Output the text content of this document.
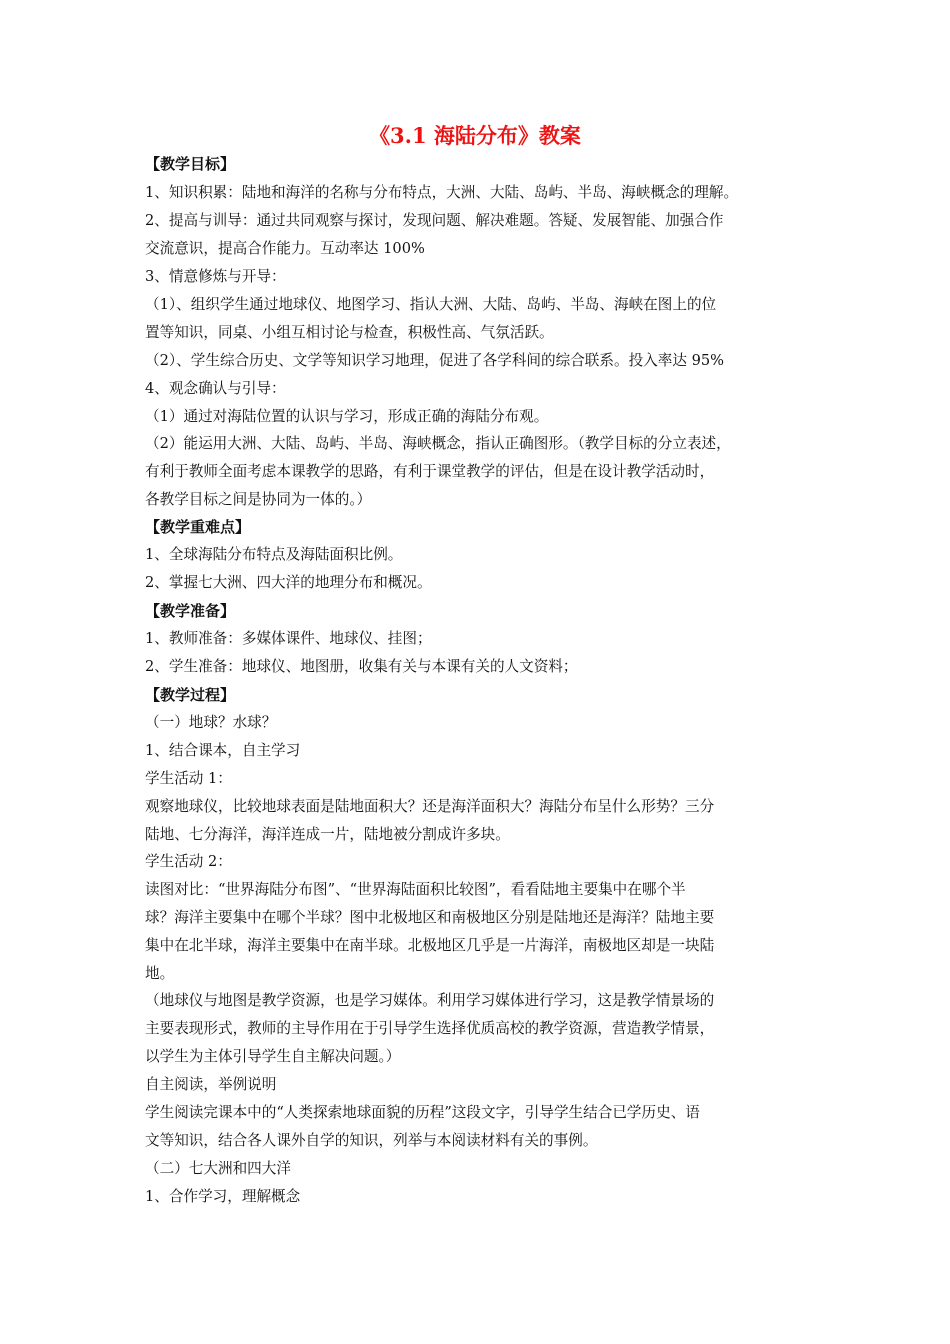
《3.1 海陆分布》教案
【教学目标】
1、知识积累：陆地和海洋的名称与分布特点，大洲、大陆、岛屿、半岛、海峡概念的理解。
2、提高与训导：通过共同观察与探讨，发现问题、解决难题。答疑、发展智能、加强合作
交流意识，提高合作能力。互动率达 100%
3、情意修炼与开导：
（1）、组织学生通过地球仪、地图学习、指认大洲、大陆、岛屿、半岛、海峡在图上的位
置等知识，同桌、小组互相讨论与检查，积极性高、气氛活跃。
（2）、学生综合历史、文学等知识学习地理，促进了各学科间的综合联系。投入率达 95%
4、观念确认与引导：
（1）通过对海陆位置的认识与学习，形成正确的海陆分布观。
（2）能运用大洲、大陆、岛屿、半岛、海峡概念，指认正确图形。（教学目标的分立表述，
有利于教师全面考虑本课教学的思路，有利于课堂教学的评估，但是在设计教学活动时，
各教学目标之间是协同为一体的。）
【教学重难点】
1、全球海陆分布特点及海陆面积比例。
2、掌握七大洲、四大洋的地理分布和概况。
【教学准备】
1、教师准备：多媒体课件、地球仪、挂图；
2、学生准备：地球仪、地图册，收集有关与本课有关的人文资料；
【教学过程】
（一）地球？水球？
1、结合课本，自主学习
学生活动 1：
观察地球仪，比较地球表面是陆地面积大？还是海洋面积大？海陆分布呈什么形势？三分
陆地、七分海洋，海洋连成一片，陆地被分割成许多块。
学生活动 2：
读图对比：“世界海陆分布图”、“世界海陆面积比较图”，看看陆地主要集中在哪个半
球？海洋主要集中在哪个半球？图中北极地区和南极地区分别是陆地还是海洋？陆地主要
集中在北半球，海洋主要集中在南半球。北极地区几乎是一片海洋，南极地区却是一块陆
地。
（地球仪与地图是教学资源，也是学习媒体。利用学习媒体进行学习，这是教学情景场的
主要表现形式，教师的主导作用在于引导学生选择优质高校的教学资源，营造教学情景，
以学生为主体引导学生自主解决问题。）
自主阅读，举例说明
学生阅读完课本中的“人类探索地球面貌的历程”这段文字，引导学生结合已学历史、语
文等知识，结合各人课外自学的知识，列举与本阅读材料有关的事例。
（二）七大洲和四大洋
1、合作学习，理解概念
